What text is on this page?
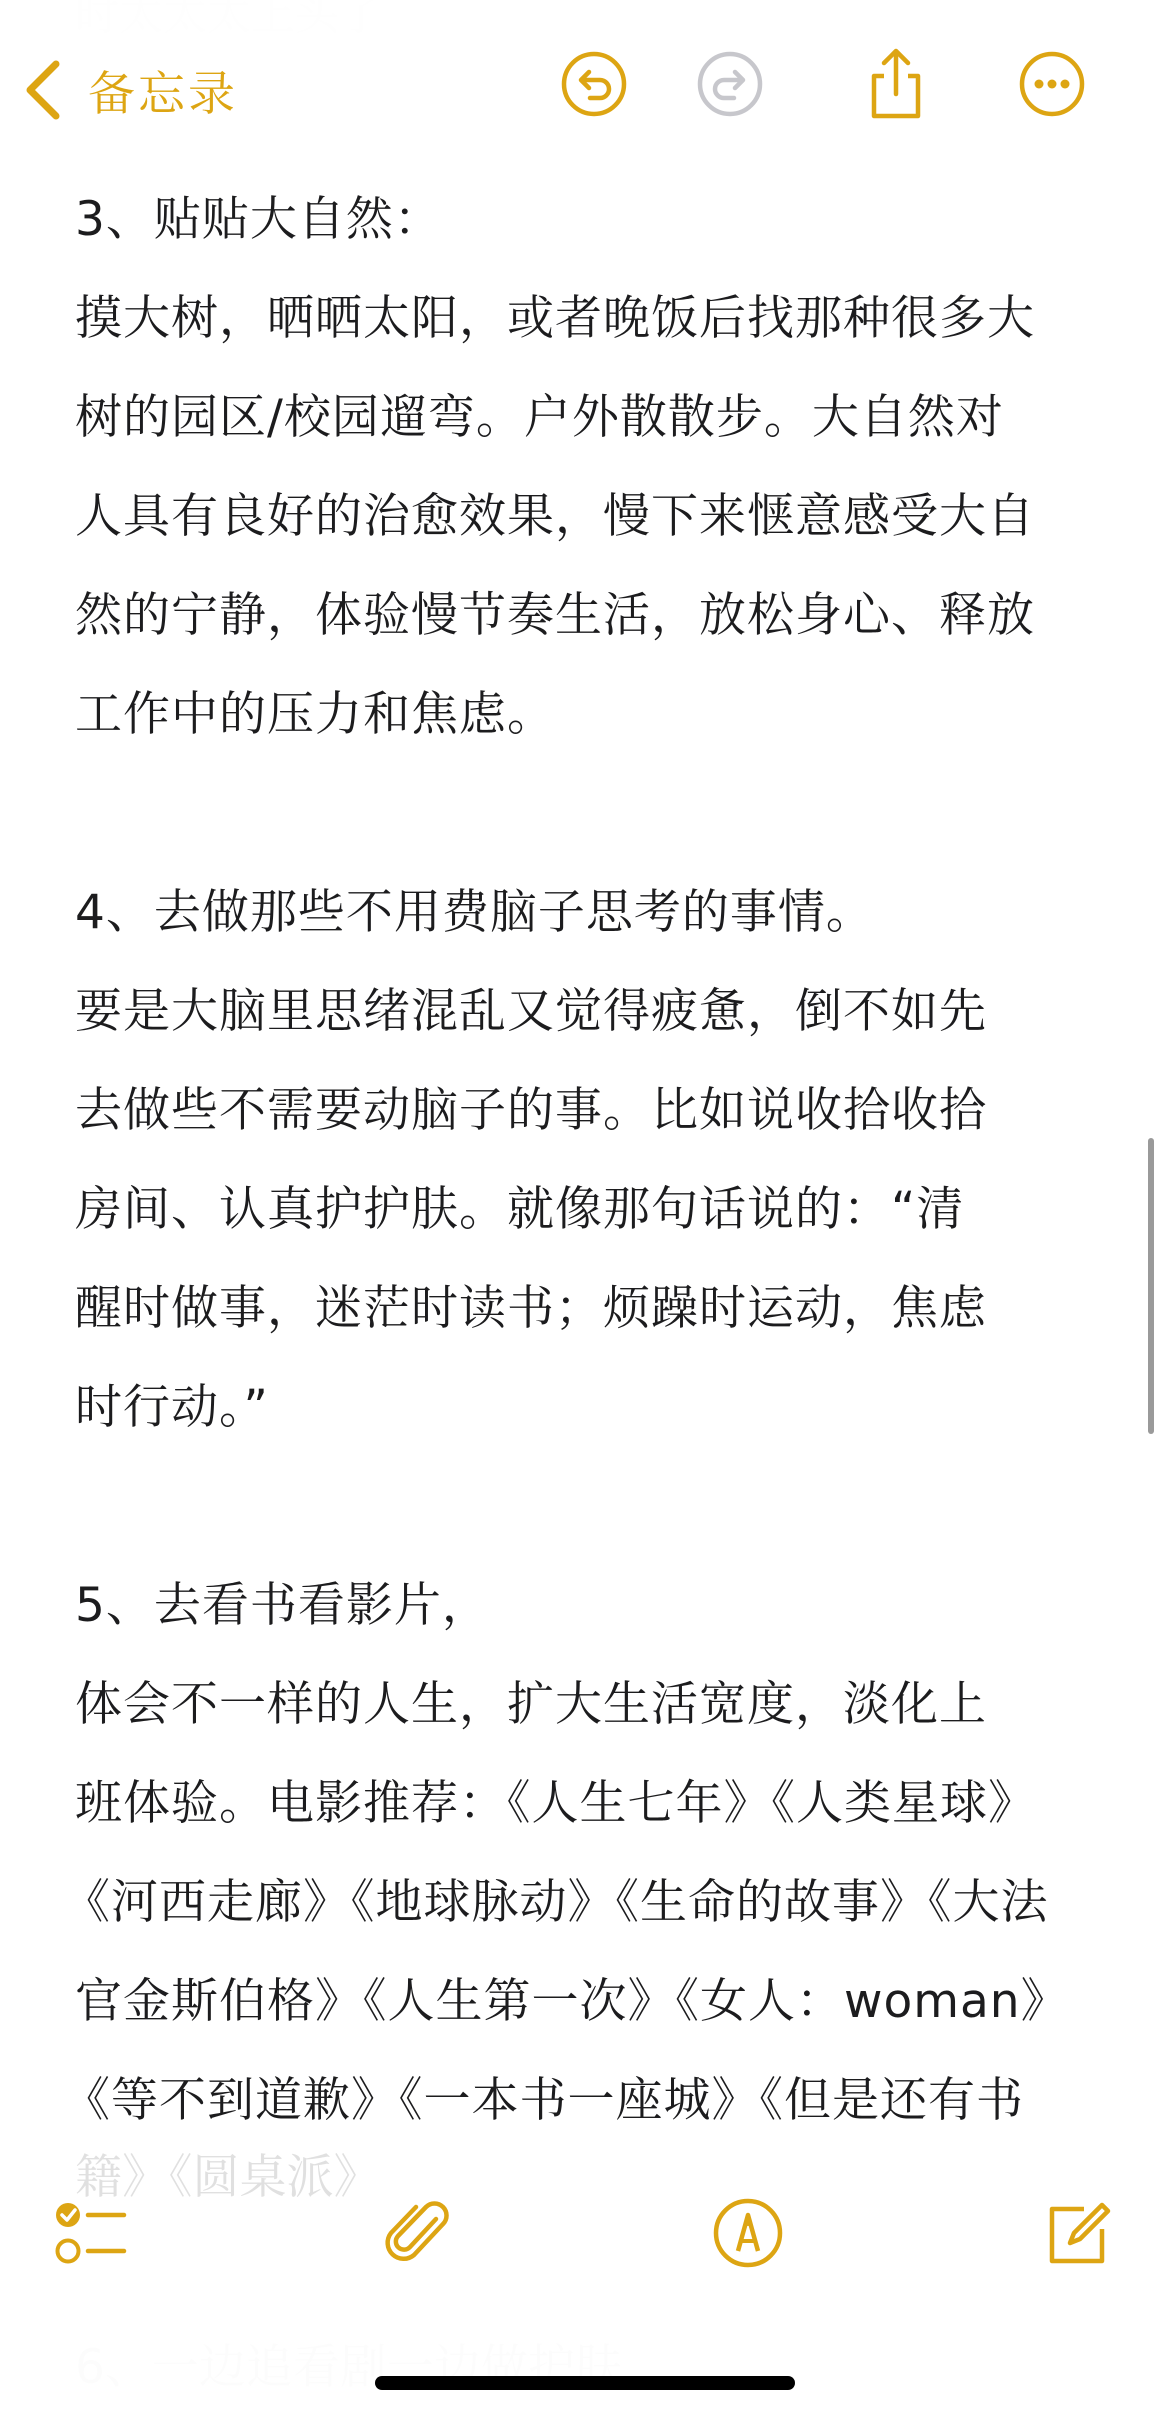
备忘录
3、贴贴大自然：
摸大树，晒晒太阳，或者晚饭后找那种很多大
树的园区/校园遛弯。户外散散步。大自然对
人具有良好的治愈效果，慢下来惬意感受大自
然的宁静，体验慢节奏生活，放松身心、释放
工作中的压力和焦虑。
4、去做那些不用费脑子思考的事情。
要是大脑里思绪混乱又觉得疲惫，倒不如先
去做些不需要动脑子的事。比如说收拾收拾
房间、认真护护肤。就像那句话说的：“清
醒时做事，迷茫时读书；烦躁时运动，焦虑
时行动。”
5、去看书看影片，
体会不一样的人生，扩大生活宽度，淡化上
班体验。电影推荐：《人生七年》《人类星球》
《河西走廊》《地球脉动》《生命的故事》《大法
官金斯伯格》《人生第一次》《女人：woman》
《等不到道歉》《一本书一座城》《但是还有书
籍》《圆桌派》
